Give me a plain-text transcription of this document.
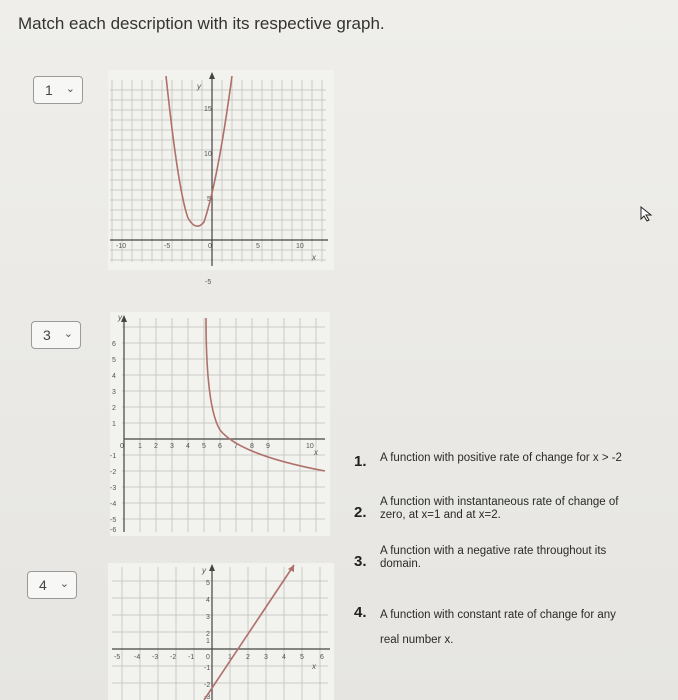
Match each description with its respective graph.
1 ⌄
-10	-5	0	5	10
15
10
5
-5
y
x
3 ⌄
y
0 1 2 3 4 5 6 7 8 9	10
x
6
5
4
3
2
1
-1
-2
-3
-4
-5
-6
4 ⌄
y
5
4
3
2
1
-1
-2
-3
-5 -4 -3 -2 -1 0	1 2 3 4 5 6
x
1. A function with positive rate of change for x > -2
2.
A function with instantaneous rate of change of
zero, at x=1 and at x=2.
3.
A function with a negative rate throughout its
domain.
4. A function with constant rate of change for any
real number x.
